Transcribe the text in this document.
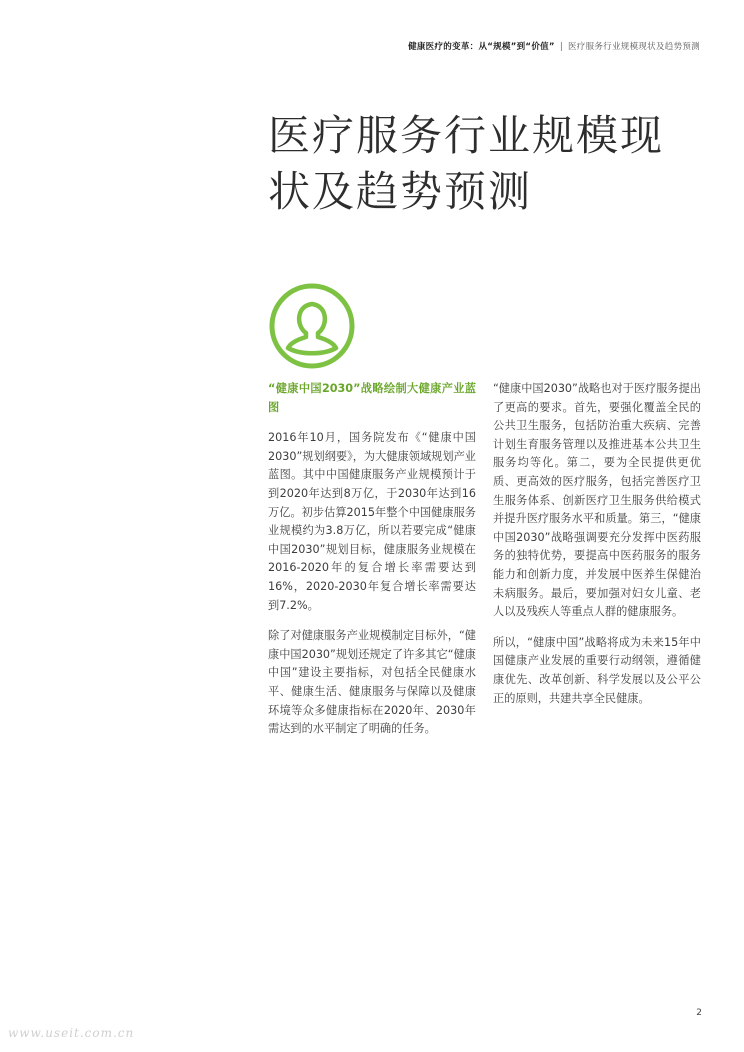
健康医疗的变革：从“规模”到“价值” | 医疗服务行业规模现状及趋势预测
医疗服务行业规模现
状及趋势预测

“健康中国2030”战略绘制大健康产业蓝图

2016年10月，国务院发布《“健康中国2030”规划纲要》，为大健康领域规划产业蓝图。其中中国健康服务产业规模预计于到2020年达到8万亿，于2030年达到16万亿。初步估算2015年整个中国健康服务业规模约为3.8万亿，所以若要完成“健康中国2030”规划目标，健康服务业规模在2016-2020年的复合增长率需要达到16%，2020-2030年复合增长率需要达到7.2%。

除了对健康服务产业规模制定目标外，“健康中国2030”规划还规定了许多其它“健康中国”建设主要指标，对包括全民健康水平、健康生活、健康服务与保障以及健康环境等众多健康指标在2020年、2030年需达到的水平制定了明确的任务。

“健康中国2030”战略也对于医疗服务提出了更高的要求。首先，要强化覆盖全民的公共卫生服务，包括防治重大疾病、完善计划生育服务管理以及推进基本公共卫生服务均等化。第二，要为全民提供更优质、更高效的医疗服务，包括完善医疗卫生服务体系、创新医疗卫生服务供给模式并提升医疗服务水平和质量。第三，“健康中国2030”战略强调要充分发挥中医药服务的独特优势，要提高中医药服务的服务能力和创新力度，并发展中医养生保健治未病服务。最后，要加强对妇女儿童、老人以及残疾人等重点人群的健康服务。

所以，“健康中国”战略将成为未来15年中国健康产业发展的重要行动纲领，遵循健康优先、改革创新、科学发展以及公平公正的原则，共建共享全民健康。

2
www.useit.com.cn
